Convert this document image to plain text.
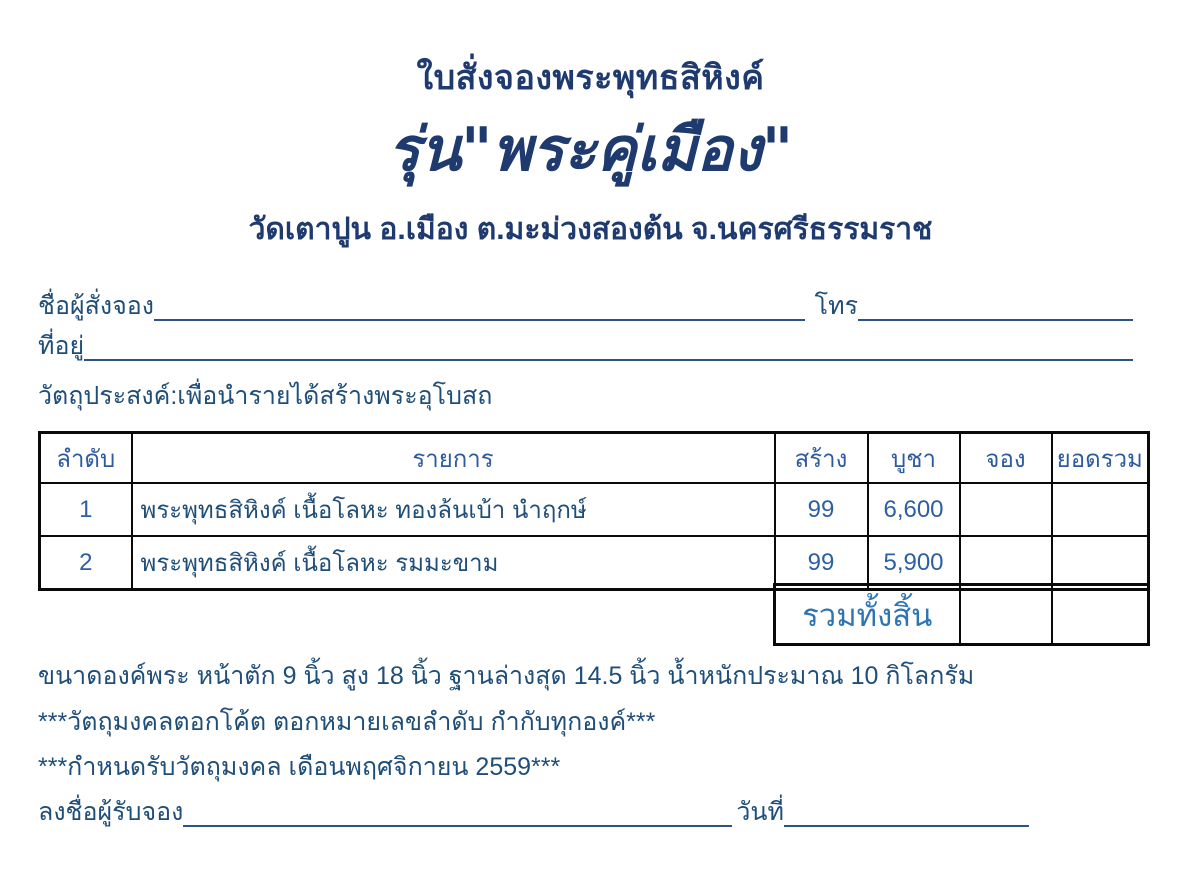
ใบสั่งจองพระพุทธสิหิงค์
รุ่น"พระคู่เมือง"
วัดเตาปูน อ.เมือง ต.มะม่วงสองต้น จ.นครศรีธรรมราช
ชื่อผู้สั่งจอง	โทร
ที่อยู่
วัตถุประสงค์:เพื่อนำรายได้สร้างพระอุโบสถ
ลำดับ	รายการ	สร้าง	บูชา	จอง	ยอดรวม
1	พระพุทธสิหิงค์ เนื้อโลหะ ทองล้นเบ้า นำฤกษ์	99	6,600		
2	พระพุทธสิหิงค์ เนื้อโลหะ รมมะขาม	99	5,900		
รวมทั้งสิ้น		
ขนาดองค์พระ หน้าตัก 9 นิ้ว สูง 18 นิ้ว ฐานล่างสุด 14.5 นิ้ว น้ำหนักประมาณ 10 กิโลกรัม
***วัตถุมงคลตอกโค้ต ตอกหมายเลขลำดับ กำกับทุกองค์***
***กำหนดรับวัตถุมงคล เดือนพฤศจิกายน 2559***
ลงชื่อผู้รับจอง	วันที่
